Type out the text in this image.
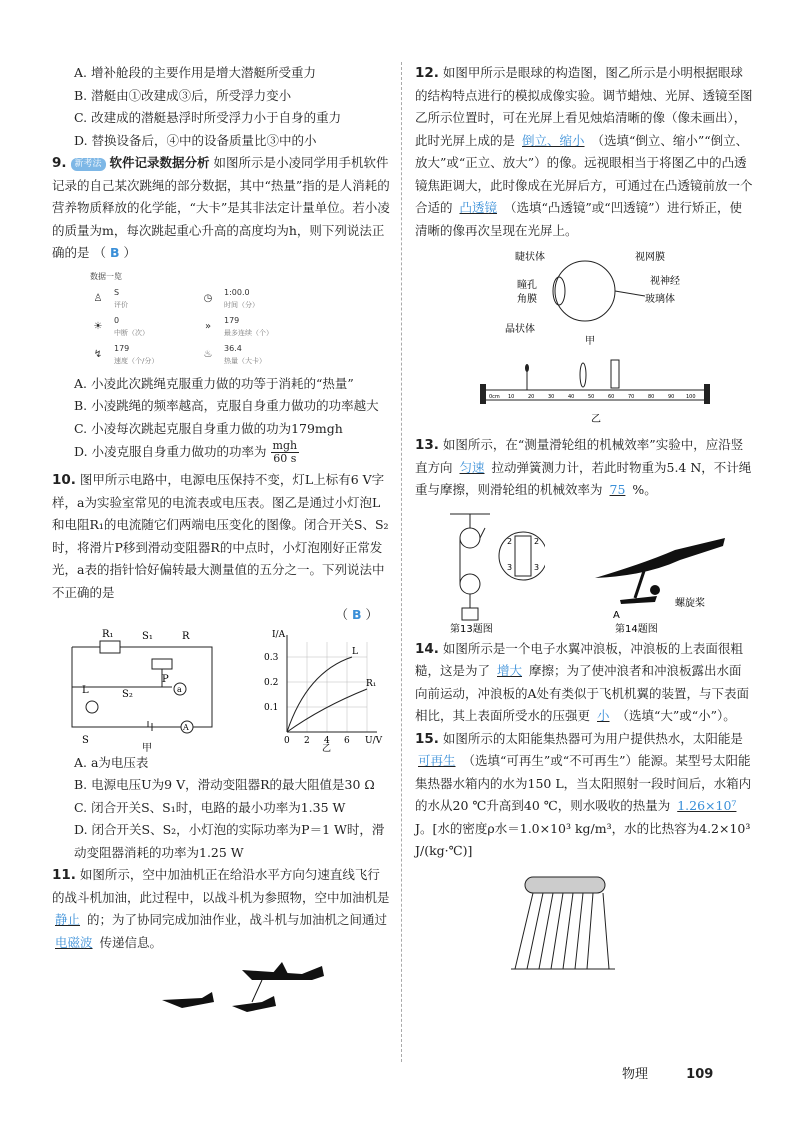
A. 增补舱段的主要作用是增大潜艇所受重力
B. 潜艇由①改建成③后，所受浮力变小
C. 改建成的潜艇悬浮时所受浮力小于自身的重力
D. 替换设备后，④中的设备质量比③中的小
9. 新考法 软件记录数据分析 如图所示是小凌同学用手机软件记录的自己某次跳绳的部分数据，其中“热量”指的是人消耗的营养物质释放的化学能，“大卡”是其非法定计量单位。若小凌的质量为m，每次跳起重心升高的高度均为h，则下列说法正确的是 （ B ）
数据一览
♙
S
评价
◷
1:00.0
时间（分）
☀
0
中断（次）
»
179
最多连续（个）
↯
179
速度（个/分）
♨
36.4
热量（大卡）
A. 小凌此次跳绳克服重力做的功等于消耗的“热量”
B. 小凌跳绳的频率越高，克服自身重力做功的功率越大
C. 小凌每次跳起克服自身重力做的功为179mgh
D. 小凌克服自身重力做功的功率为 $\frac{\text{mgh}}{60 s}$
10. 图甲所示电路中，电源电压保持不变，灯L上标有6 V字样，a为实验室常见的电流表或电压表。图乙是通过小灯泡L和电阻R₁的电流随它们两端电压变化的图像。闭合开关S、S₂时，将滑片P移到滑动变阻器R的中点时，小灯泡刚好正常发光，a表的指针恰好偏转最大测量值的五分之一。下列说法中不正确的是
（ B ）
R₁	S₁	R
P
L	S₂	a
A
S
甲
I/A
0.3
0.2
0.1
0 2 4 6 U/V
L
R₁
乙
A. a为电压表
B. 电源电压U为9 V，滑动变阻器R的最大阻值是30 Ω
C. 闭合开关S、S₁时，电路的最小功率为1.35 W
D. 闭合开关S、S₂，小灯泡的实际功率为P＝1 W时，滑动变阻器消耗的功率为1.25 W
11. 如图所示，空中加油机正在给沿水平方向匀速直线飞行的战斗机加油，此过程中，以战斗机为参照物，空中加油机是 静止 的；为了协同完成加油作业，战斗机与加油机之间通过 电磁波 传递信息。
12. 如图甲所示是眼球的构造图，图乙所示是小明根据眼球的结构特点进行的模拟成像实验。调节蜡烛、光屏、透镜至图乙所示位置时，可在光屏上看见烛焰清晰的像（像未画出），此时光屏上成的是 倒立、缩小 （选填“倒立、缩小”“倒立、放大”或“正立、放大”）的像。远视眼相当于将图乙中的凸透镜焦距调大，此时像成在光屏后方，可通过在凸透镜前放一个合适的 凸透镜 （选填“凸透镜”或“凹透镜”）进行矫正，使清晰的像再次呈现在光屏上。
睫状体	视网膜
瞳孔	视神经
角膜	玻璃体
晶状体
甲
0cm 10	20	30	40	50	60	70	80	90 100
乙
13. 如图所示，在“测量滑轮组的机械效率”实验中，应沿竖直方向 匀速 拉动弹簧测力计，若此时物重为5.4 N，不计绳重与摩擦，则滑轮组的机械效率为 75 %。
2
3
2
3
第13题图
A
螺旋桨
第14题图
14. 如图所示是一个电子水翼冲浪板，冲浪板的上表面很粗糙，这是为了 增大 摩擦；为了使冲浪者和冲浪板露出水面向前运动，冲浪板的A处有类似于飞机机翼的装置，与下表面相比，其上表面所受水的压强更 小 （选填“大”或“小”）。
15. 如图所示的太阳能集热器可为用户提供热水，太阳能是 可再生 （选填“可再生”或“不可再生”）能源。某型号太阳能集热器水箱内的水为150 L，当太阳照射一段时间后，水箱内的水从20 ℃升高到40 ℃，则水吸收的热量为 1.26×10⁷ J。[水的密度ρ水＝1.0×10³ kg/m³，水的比热容为4.2×10³ J/(kg·℃)]
物理	109
